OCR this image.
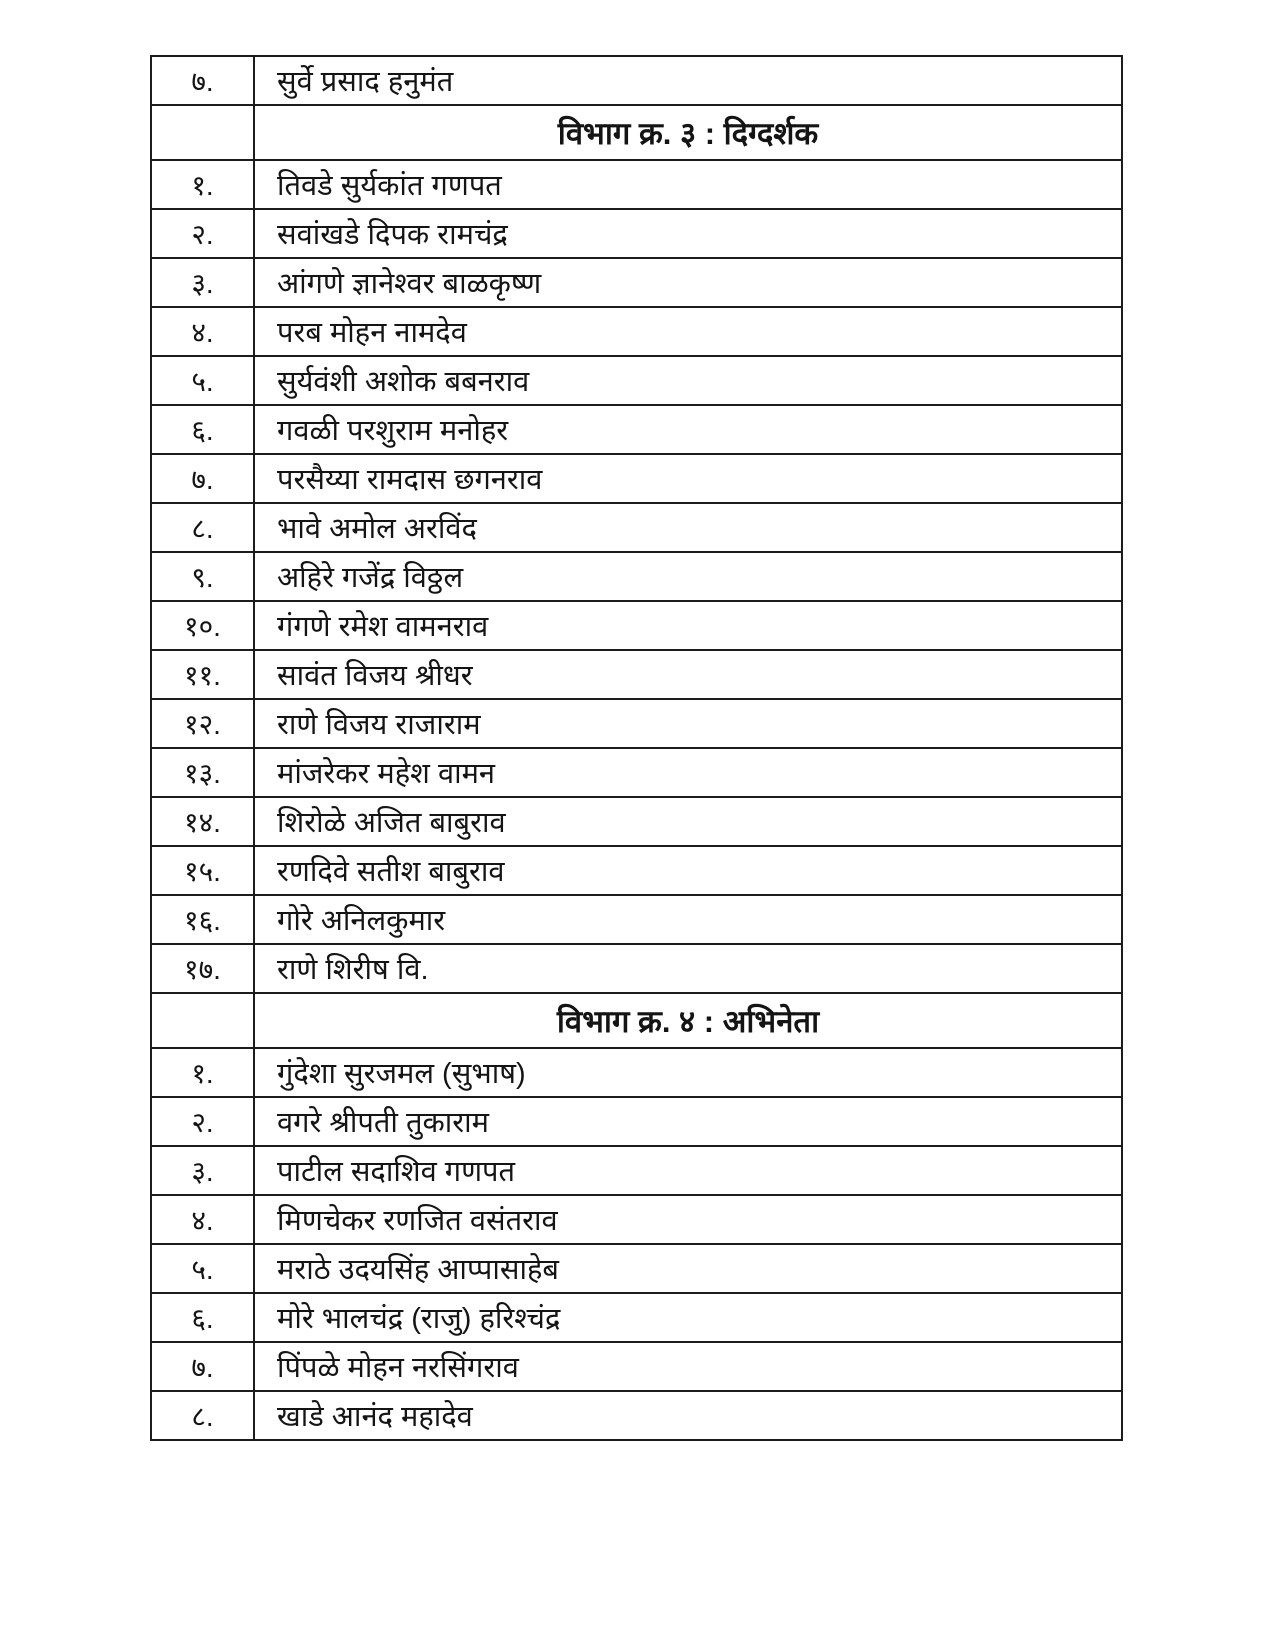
७.	सुर्वे प्रसाद हनुमंत
	विभाग क्र. ३ : दिग्दर्शक
१.	तिवडे सुर्यकांत गणपत
२.	सवांखडे दिपक रामचंद्र
३.	आंगणे ज्ञानेश्वर बाळकृष्ण
४.	परब मोहन नामदेव
५.	सुर्यवंशी अशोक बबनराव
६.	गवळी परशुराम मनोहर
७.	परसैय्या रामदास छगनराव
८.	भावे अमोल अरविंद
९.	अहिरे गजेंद्र विठ्ठल
१०.	गंगणे रमेश वामनराव
११.	सावंत विजय श्रीधर
१२.	राणे विजय राजाराम
१३.	मांजरेकर महेश वामन
१४.	शिरोळे अजित बाबुराव
१५.	रणदिवे सतीश बाबुराव
१६.	गोरे अनिलकुमार
१७.	राणे शिरीष वि.
	विभाग क्र. ४ : अभिनेता
१.	गुंदेशा सुरजमल (सुभाष)
२.	वगरे श्रीपती तुकाराम
३.	पाटील सदाशिव गणपत
४.	मिणचेकर रणजित वसंतराव
५.	मराठे उदयसिंह आप्पासाहेब
६.	मोरे भालचंद्र (राजु) हरिश्चंद्र
७.	पिंपळे मोहन नरसिंगराव
८.	खाडे आनंद महादेव
